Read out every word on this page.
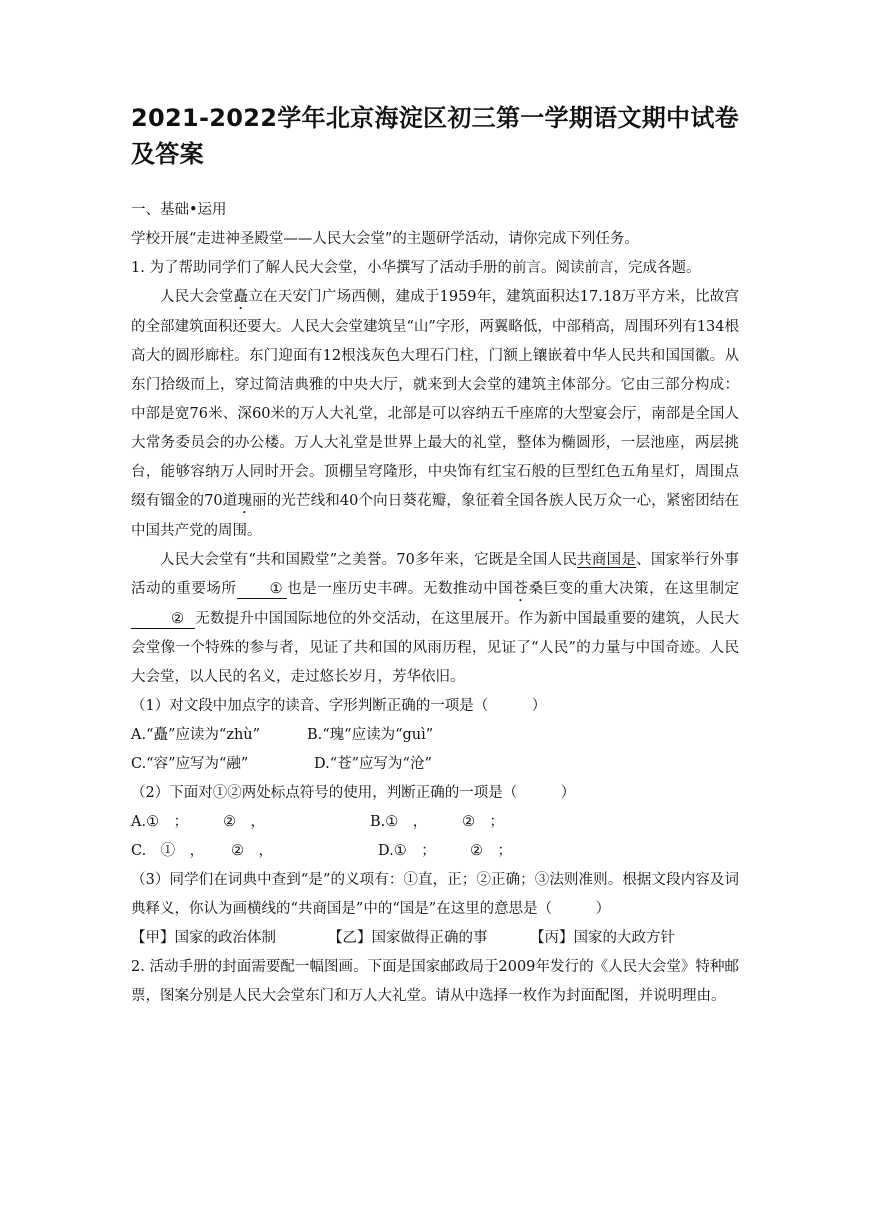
2021-2022学年北京海淀区初三第一学期语文期中试卷及答案
一、基础•运用
学校开展“走进神圣殿堂——人民大会堂”的主题研学活动，请你完成下列任务。
1. 为了帮助同学们了解人民大会堂，小华撰写了活动手册的前言。阅读前言，完成各题。

人民大会堂矗立在天安门广场西侧，建成于1959年，建筑面积达17.18万平方米，比故宫的全部建筑面积还要大。人民大会堂建筑呈“山”字形，两翼略低，中部稍高，周围环列有134根高大的圆形廊柱。东门迎面有12根浅灰色大理石门柱，门额上镶嵌着中华人民共和国国徽。从东门拾级而上，穿过简洁典雅的中央大厅，就来到大会堂的建筑主体部分。它由三部分构成：中部是宽76米、深60米的万人大礼堂，北部是可以容纳五千座席的大型宴会厅，南部是全国人大常务委员会的办公楼。万人大礼堂是世界上最大的礼堂，整体为椭圆形，一层池座，两层挑台，能够容纳万人同时开会。顶棚呈穹隆形，中央饰有红宝石般的巨型红色五角星灯，周围点缀有镏金的70道瑰丽的光芒线和40个向日葵花瓣，象征着全国各族人民万众一心，紧密团结在中国共产党的周围。

人民大会堂有“共和国殿堂”之美誉。70多年来，它既是全国人民共商国是、国家举行外事活动的重要场所 ① 也是一座历史丰碑。无数推动中国苍桑巨变的重大决策，在这里制定② 无数提升中国国际地位的外交活动，在这里展开。作为新中国最重要的建筑，人民大会堂像一个特殊的参与者，见证了共和国的风雨历程，见证了“人民”的力量与中国奇迹。人民大会堂，以人民的名义，走过悠长岁月，芳华依旧。

（1）对文段中加点字的读音、字形判断正确的一项是（　　　）
A.“矗”应读为“zhù”	B.“瑰“应读为“guì”
C.“容”应写为“融”	D.“苍”应写为“沧”
（2）下面对①②两处标点符号的使用，判断正确的一项是（　　　）
A.①　；	②　，	B.①　，	②　；
C.　①　，	②　，	D.①　；	②　；

（3）同学们在词典中查到“是”的义项有：①直，正；②正确；③法则准则。根据文段内容及词典释义，你认为画横线的“共商国是”中的“国是”在这里的意思是（　　　）

【甲】国家的政治体制	【乙】国家做得正确的事	【丙】国家的大政方针

2. 活动手册的封面需要配一幅图画。下面是国家邮政局于2009年发行的《人民大会堂》特种邮票，图案分别是人民大会堂东门和万人大礼堂。请从中选择一枚作为封面配图，并说明理由。
